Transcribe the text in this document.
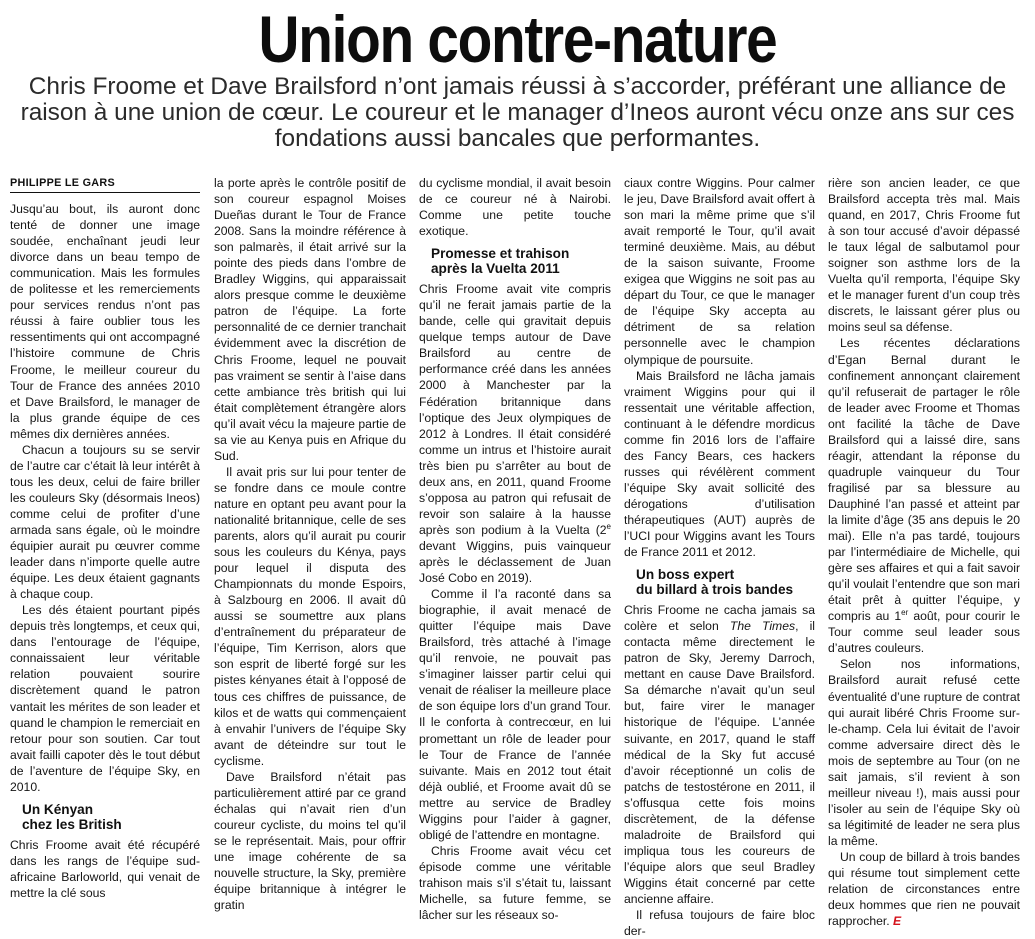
Union contre-nature

Chris Froome et Dave Brailsford n’ont jamais réussi à s’accorder, préférant une alliance de raison à une union de cœur. Le coureur et le manager d’Ineos auront vécu onze ans sur ces fondations aussi bancales que performantes.

PHILIPPE LE GARS

Jusqu’au bout, ils auront donc tenté de donner une image soudée, enchaînant jeudi leur divorce dans un beau tempo de communication. Mais les formules de politesse et les remerciements pour services rendus n’ont pas réussi à faire oublier tous les ressentiments qui ont accompagné l’histoire commune de Chris Froome, le meilleur coureur du Tour de France des années 2010 et Dave Brailsford, le manager de la plus grande équipe de ces mêmes dix dernières années.

Chacun a toujours su se servir de l’autre car c’était là leur intérêt à tous les deux, celui de faire briller les couleurs Sky (désormais Ineos) comme celui de profiter d’une armada sans égale, où le moindre équipier aurait pu œuvrer comme leader dans n’importe quelle autre équipe. Les deux étaient gagnants à chaque coup.

Les dés étaient pourtant pipés depuis très longtemps, et ceux qui, dans l’entourage de l’équipe, connaissaient leur véritable relation pouvaient sourire discrètement quand le patron vantait les mérites de son leader et quand le champion le remerciait en retour pour son soutien. Car tout avait failli capoter dès le tout début de l’aventure de l’équipe Sky, en 2010.

Un Kényan
chez les British

Chris Froome avait été récupéré dans les rangs de l’équipe sud-africaine Barloworld, qui venait de mettre la clé sous

la porte après le contrôle positif de son coureur espagnol Moises Dueñas durant le Tour de France 2008. Sans la moindre référence à son palmarès, il était arrivé sur la pointe des pieds dans l’ombre de Bradley Wiggins, qui apparaissait alors presque comme le deuxième patron de l’équipe. La forte personnalité de ce dernier tranchait évidemment avec la discrétion de Chris Froome, lequel ne pouvait pas vraiment se sentir à l’aise dans cette ambiance très british qui lui était complètement étrangère alors qu’il avait vécu la majeure partie de sa vie au Kenya puis en Afrique du Sud.

Il avait pris sur lui pour tenter de se fondre dans ce moule contre nature en optant peu avant pour la nationalité britannique, celle de ses parents, alors qu’il aurait pu courir sous les couleurs du Kénya, pays pour lequel il disputa des Championnats du monde Espoirs, à Salzbourg en 2006. Il avait dû aussi se soumettre aux plans d’entraînement du préparateur de l’équipe, Tim Kerrison, alors que son esprit de liberté forgé sur les pistes kényanes était à l’opposé de tous ces chiffres de puissance, de kilos et de watts qui commençaient à envahir l’univers de l’équipe Sky avant de déteindre sur tout le cyclisme.

Dave Brailsford n’était pas particulièrement attiré par ce grand échalas qui n’avait rien d’un coureur cycliste, du moins tel qu’il se le représentait. Mais, pour offrir une image cohérente de sa nouvelle structure, la Sky, première équipe britannique à intégrer le gratin

du cyclisme mondial, il avait besoin de ce coureur né à Nairobi. Comme une petite touche exotique.

Promesse et trahison
après la Vuelta 2011

Chris Froome avait vite compris qu’il ne ferait jamais partie de la bande, celle qui gravitait depuis quelque temps autour de Dave Brailsford au centre de performance créé dans les années 2000 à Manchester par la Fédération britannique dans l’optique des Jeux olympiques de 2012 à Londres. Il était considéré comme un intrus et l’histoire aurait très bien pu s’arrêter au bout de deux ans, en 2011, quand Froome s’opposa au patron qui refusait de revoir son salaire à la hausse après son podium à la Vuelta (2e devant Wiggins, puis vainqueur après le déclassement de Juan José Cobo en 2019).

Comme il l’a raconté dans sa biographie, il avait menacé de quitter l’équipe mais Dave Brailsford, très attaché à l’image qu’il renvoie, ne pouvait pas s’imaginer laisser partir celui qui venait de réaliser la meilleure place de son équipe lors d’un grand Tour. Il le conforta à contrecœur, en lui promettant un rôle de leader pour le Tour de France de l’année suivante. Mais en 2012 tout était déjà oublié, et Froome avait dû se mettre au service de Bradley Wiggins pour l’aider à gagner, obligé de l’attendre en montagne.

Chris Froome avait vécu cet épisode comme une véritable trahison mais s’il s’était tu, laissant Michelle, sa future femme, se lâcher sur les réseaux so-

ciaux contre Wiggins. Pour calmer le jeu, Dave Brailsford avait offert à son mari la même prime que s’il avait remporté le Tour, qu’il avait terminé deuxième. Mais, au début de la saison suivante, Froome exigea que Wiggins ne soit pas au départ du Tour, ce que le manager de l’équipe Sky accepta au détriment de sa relation personnelle avec le champion olympique de poursuite.

Mais Brailsford ne lâcha jamais vraiment Wiggins pour qui il ressentait une véritable affection, continuant à le défendre mordicus comme fin 2016 lors de l’affaire des Fancy Bears, ces hackers russes qui révélèrent comment l’équipe Sky avait sollicité des dérogations d’utilisation thérapeutiques (AUT) auprès de l’UCI pour Wiggins avant les Tours de France 2011 et 2012.

Un boss expert
du billard à trois bandes

Chris Froome ne cacha jamais sa colère et selon The Times, il contacta même directement le patron de Sky, Jeremy Darroch, mettant en cause Dave Brailsford. Sa démarche n’avait qu’un seul but, faire virer le manager historique de l’équipe. L’année suivante, en 2017, quand le staff médical de la Sky fut accusé d’avoir réceptionné un colis de patchs de testostérone en 2011, il s’offusqua cette fois moins discrètement, de la défense maladroite de Brailsford qui impliqua tous les coureurs de l’équipe alors que seul Bradley Wiggins était concerné par cette ancienne affaire.

Il refusa toujours de faire bloc der-

rière son ancien leader, ce que Brailsford accepta très mal. Mais quand, en 2017, Chris Froome fut à son tour accusé d’avoir dépassé le taux légal de salbutamol pour soigner son asthme lors de la Vuelta qu’il remporta, l’équipe Sky et le manager furent d’un coup très discrets, le laissant gérer plus ou moins seul sa défense.

Les récentes déclarations d’Egan Bernal durant le confinement annonçant clairement qu’il refuserait de partager le rôle de leader avec Froome et Thomas ont facilité la tâche de Dave Brailsford qui a laissé dire, sans réagir, attendant la réponse du quadruple vainqueur du Tour fragilisé par sa blessure au Dauphiné l’an passé et atteint par la limite d’âge (35 ans depuis le 20 mai). Elle n’a pas tardé, toujours par l’intermédiaire de Michelle, qui gère ses affaires et qui a fait savoir qu’il voulait l’entendre que son mari était prêt à quitter l’équipe, y compris au 1er août, pour courir le Tour comme seul leader sous d’autres couleurs.

Selon nos informations, Brailsford aurait refusé cette éventualité d’une rupture de contrat qui aurait libéré Chris Froome sur-le-champ. Cela lui évitait de l’avoir comme adversaire direct dès le mois de septembre au Tour (on ne sait jamais, s’il revient à son meilleur niveau !), mais aussi pour l’isoler au sein de l’équipe Sky où sa légitimité de leader ne sera plus la même.

Un coup de billard à trois bandes qui résume tout simplement cette relation de circonstances entre deux hommes que rien ne pouvait rapprocher. E
